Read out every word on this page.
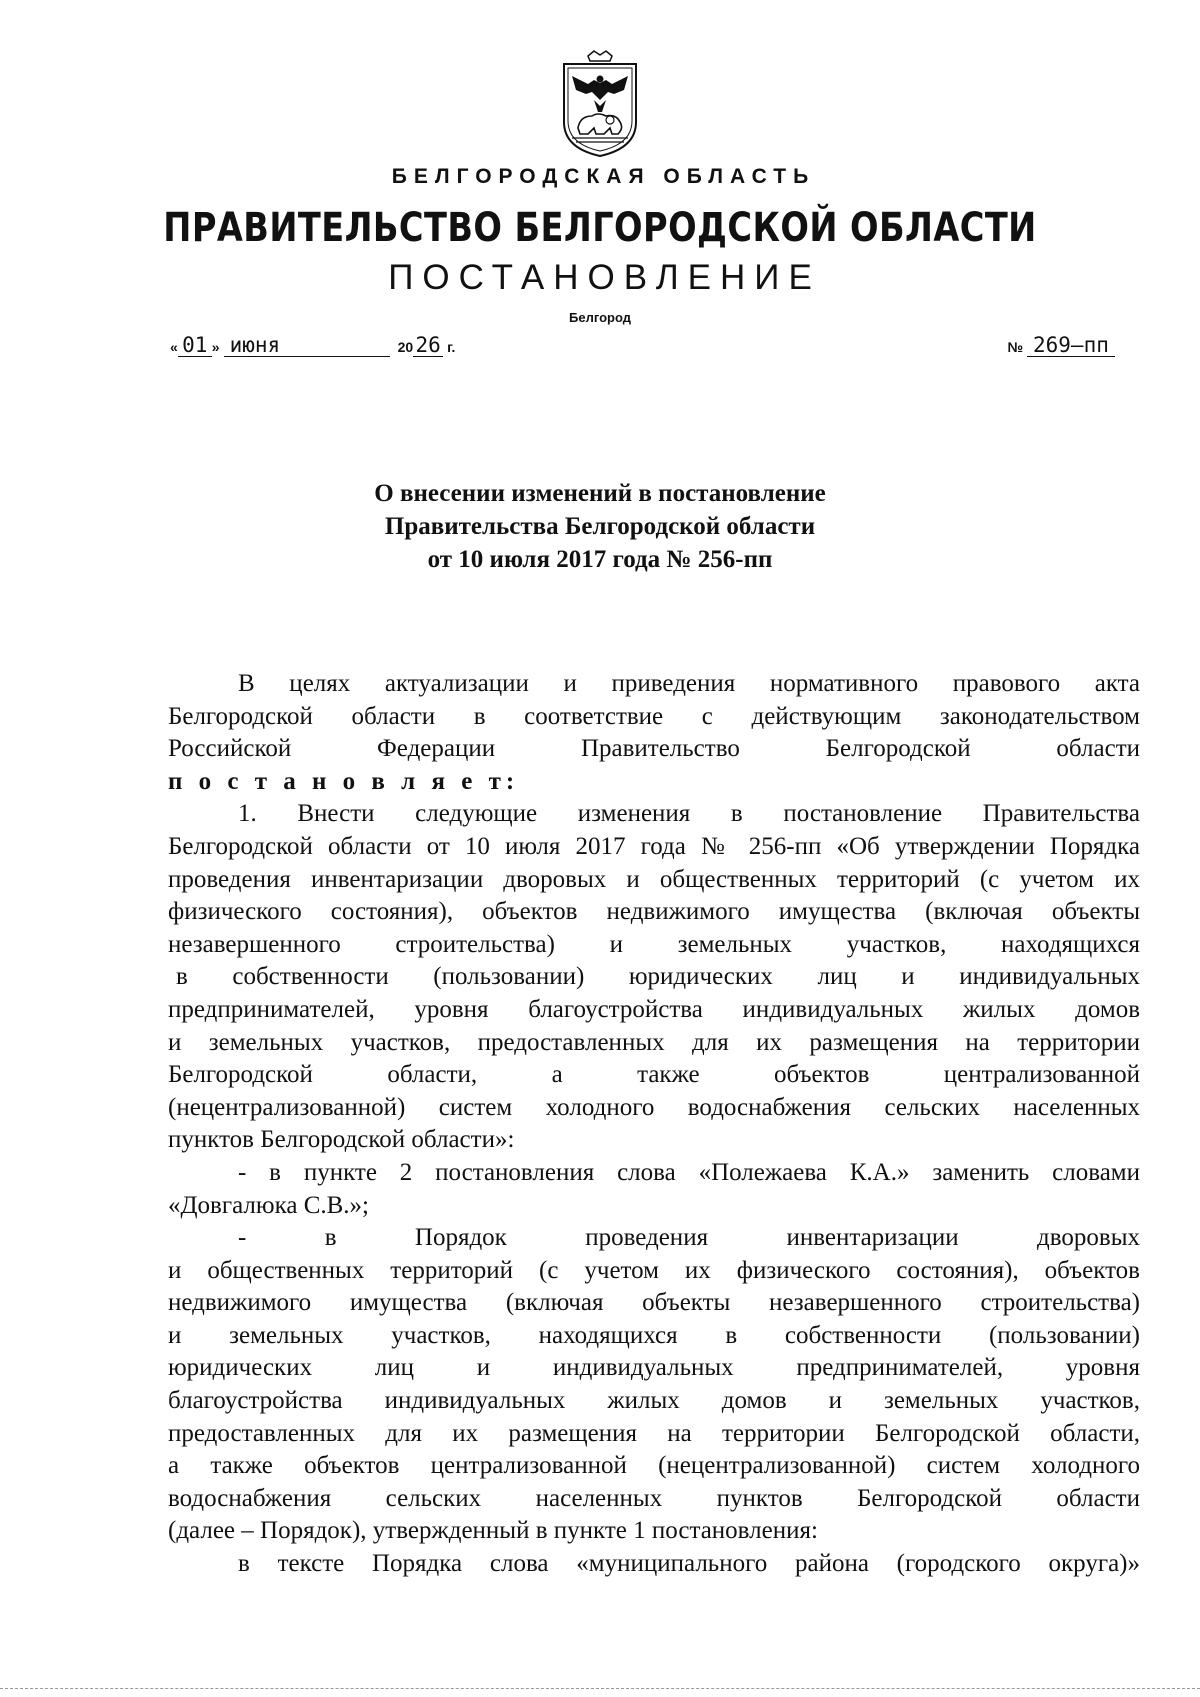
БЕЛГОРОДСКАЯ ОБЛАСТЬ
ПРАВИТЕЛЬСТВО БЕЛГОРОДСКОЙ ОБЛАСТИ
ПОСТАНОВЛЕНИЕ
Белгород
« 01 » июня	20 26 г.	№ 269–пп
О внесении изменений в постановление
Правительства Белгородской области
от 10 июля 2017 года № 256-пп
В целях актуализации и приведения нормативного правового акта
Белгородской области в соответствие с действующим законодательством
Российской Федерации Правительство Белгородской области
п о с т а н о в л я е т:
1. Внести следующие изменения в постановление Правительства
Белгородской области от 10 июля 2017 года № 256-пп «Об утверждении Порядка
проведения инвентаризации дворовых и общественных территорий (с учетом их
физического состояния), объектов недвижимого имущества (включая объекты
незавершенного строительства) и земельных участков, находящихся
в собственности (пользовании) юридических лиц и индивидуальных
предпринимателей, уровня благоустройства индивидуальных жилых домов
и земельных участков, предоставленных для их размещения на территории
Белгородской области, а также объектов централизованной
(нецентрализованной) систем холодного водоснабжения сельских населенных
пунктов Белгородской области»:
- в пункте 2 постановления слова «Полежаева К.А.» заменить словами
«Довгалюка С.В.»;
- в Порядок проведения инвентаризации дворовых
и общественных территорий (с учетом их физического состояния), объектов
недвижимого имущества (включая объекты незавершенного строительства)
и земельных участков, находящихся в собственности (пользовании)
юридических лиц и индивидуальных предпринимателей, уровня
благоустройства индивидуальных жилых домов и земельных участков,
предоставленных для их размещения на территории Белгородской области,
а также объектов централизованной (нецентрализованной) систем холодного
водоснабжения сельских населенных пунктов Белгородской области
(далее – Порядок), утвержденный в пункте 1 постановления:
в тексте Порядка слова «муниципального района (городского округа)»
